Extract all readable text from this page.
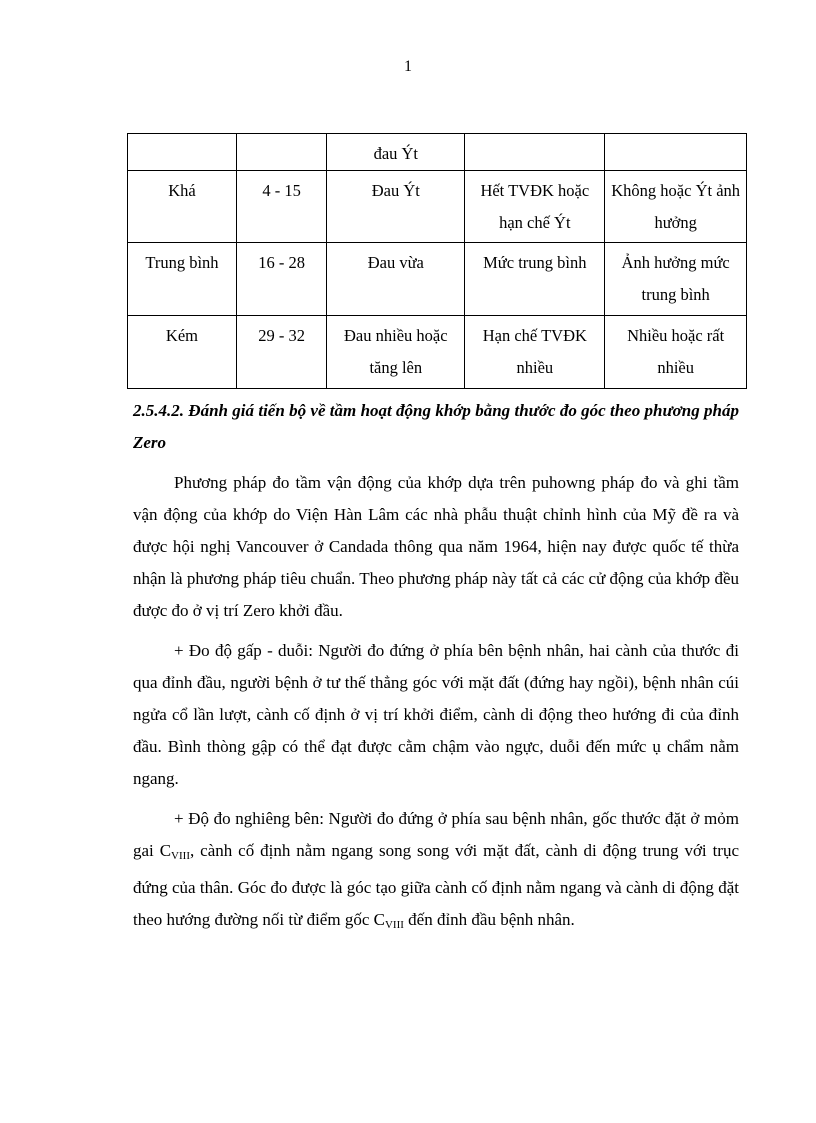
1
		đau Ýt		
Khá	4 - 15	Đau Ýt	Hết TVĐK hoặc hạn chế Ýt	Không hoặc Ýt ảnh hưởng
Trung bình	16 - 28	Đau vừa	Mức trung bình	Ảnh hưởng mức trung bình
Kém	29 - 32	Đau nhiều hoặc tăng lên	Hạn chế TVĐK nhiều	Nhiều hoặc rất nhiều

2.5.4.2. Đánh giá tiến bộ về tầm hoạt động khớp bằng thước đo góc theo phương pháp Zero

Phương pháp đo tầm vận động của khớp dựa trên puhowng pháp đo và ghi tầm vận động của khớp do Viện Hàn Lâm các nhà phẫu thuật chỉnh hình của Mỹ đề ra và được hội nghị Vancouver ở Candada thông qua năm 1964, hiện nay được quốc tế thừa nhận là phương pháp tiêu chuẩn. Theo phương pháp này tất cả các cử động của khớp đều được đo ở vị trí Zero khởi đầu.

+ Đo độ gấp - duỗi: Người đo đứng ở phía bên bệnh nhân, hai cành của thước đi qua đỉnh đầu, người bệnh ở tư thế thẳng góc với mặt đất (đứng hay ngồi), bệnh nhân cúi ngửa cổ lần lượt, cành cố định ở vị trí khởi điểm, cành di động theo hướng đi của đỉnh đầu. Bình thòng gập có thể đạt được cằm chậm vào ngực, duỗi đến mức ụ chẩm nằm ngang.

+ Độ đo nghiêng bên: Người đo đứng ở phía sau bệnh nhân, gốc thước đặt ở mỏm gai $C_{VIII}$, cành cố định nằm ngang song song với mặt đất, cành di động trung với trục đứng của thân. Góc đo được là góc tạo giữa cành cố định nằm ngang và cành di động đặt theo hướng đường nối từ điểm gốc $C_{VIII}$ đến đỉnh đầu bệnh nhân.
